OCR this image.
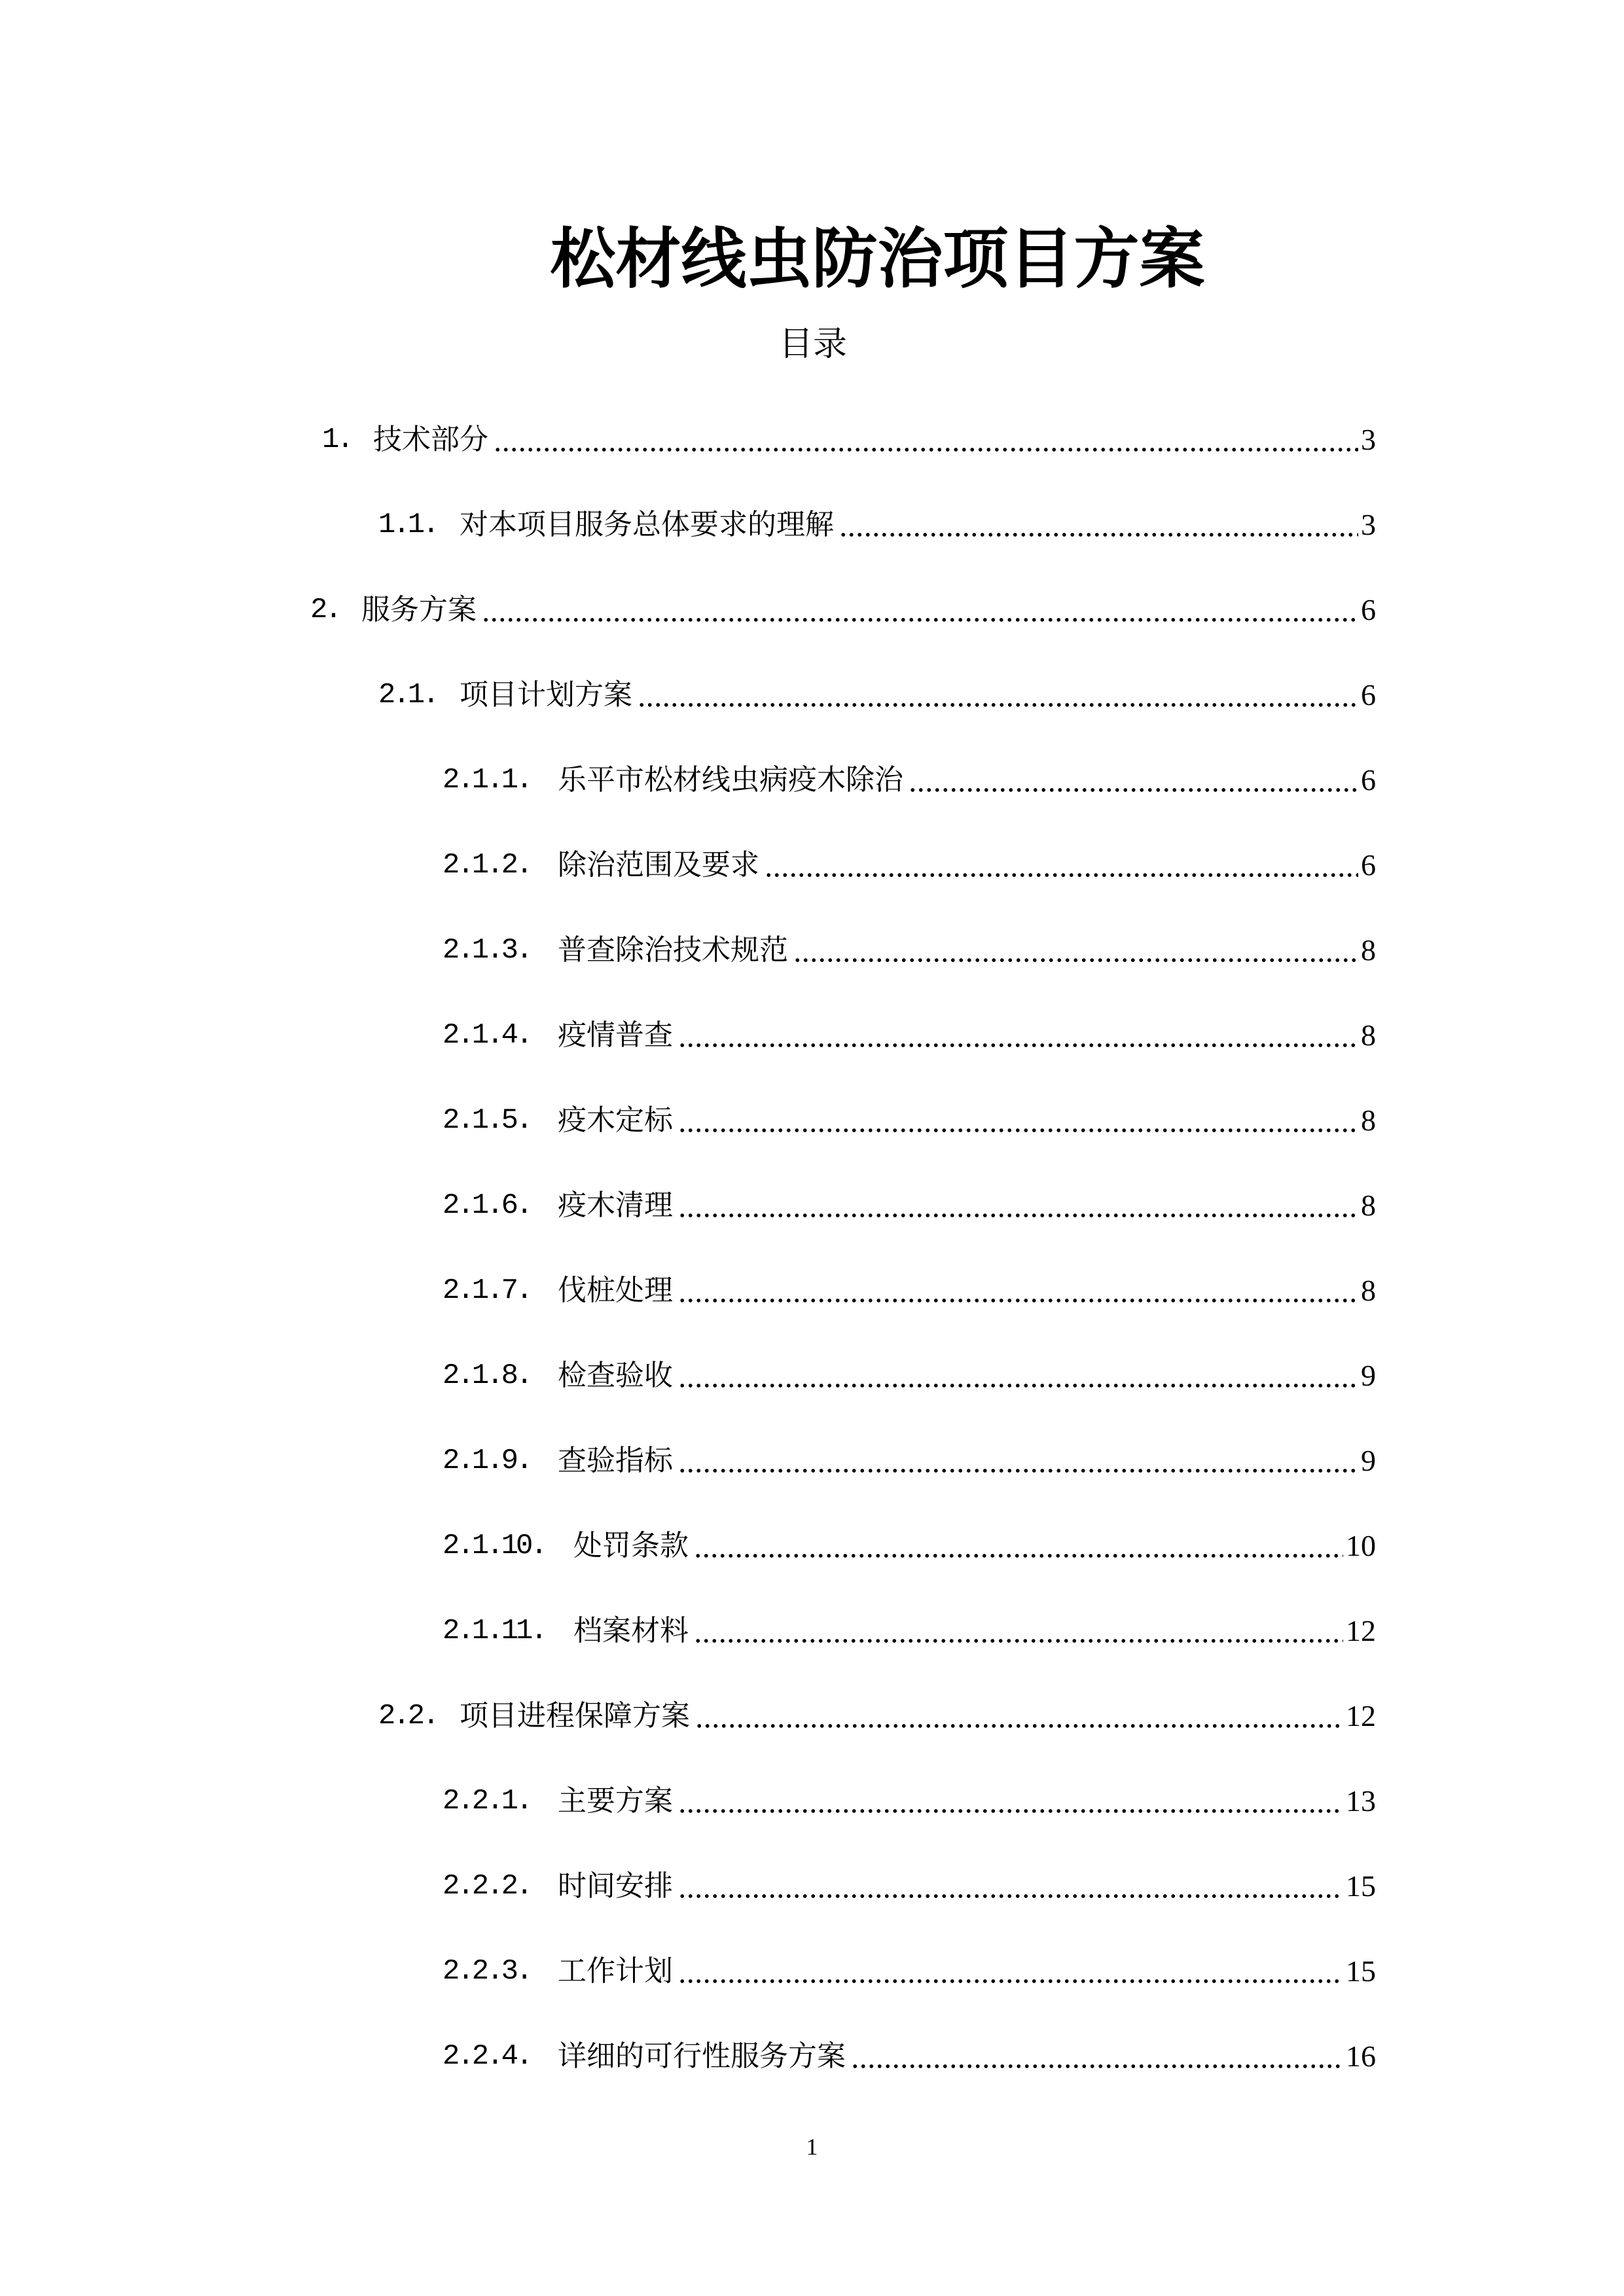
松材线虫防治项目方案
目录
1. 技术部分	3
1.1. 对本项目服务总体要求的理解	3
2. 服务方案	6
2.1. 项目计划方案	6
2.1.1. 乐平市松材线虫病疫木除治	6
2.1.2. 除治范围及要求	6
2.1.3. 普查除治技术规范	8
2.1.4. 疫情普查	8
2.1.5. 疫木定标	8
2.1.6. 疫木清理	8
2.1.7. 伐桩处理	8
2.1.8. 检查验收	9
2.1.9. 查验指标	9
2.1.10. 处罚条款	10
2.1.11. 档案材料	12
2.2. 项目进程保障方案	12
2.2.1. 主要方案	13
2.2.2. 时间安排	15
2.2.3. 工作计划	15
2.2.4. 详细的可行性服务方案	16
1
